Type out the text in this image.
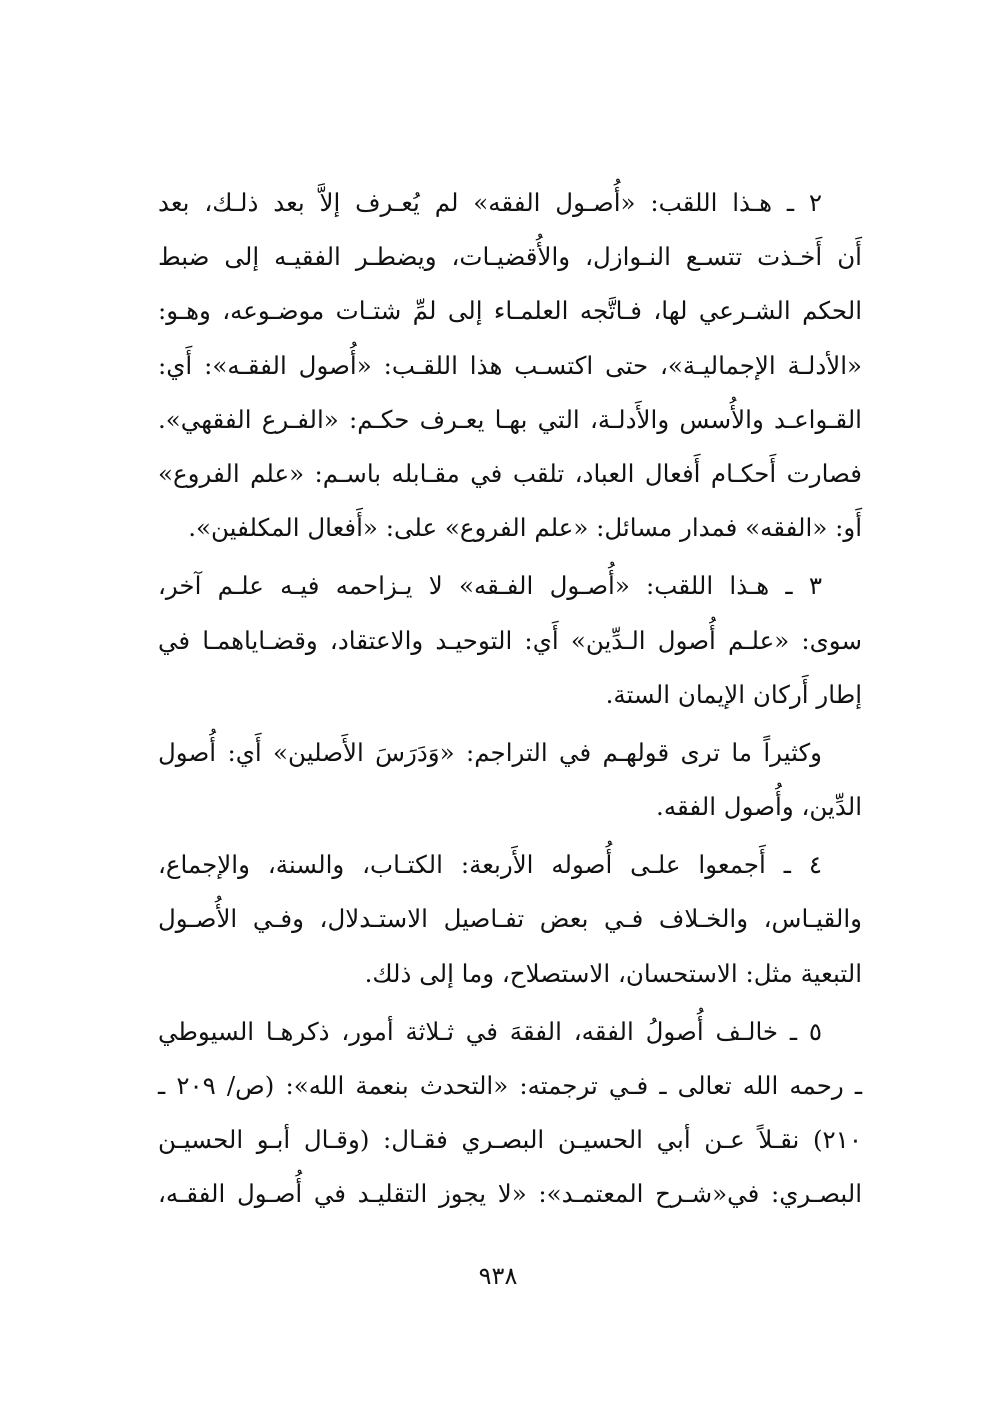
٢ ـ هـذا اللقب: «أُصـول الفقه» لم يُعـرف إلاَّ بعد ذلـك، بعد
أَن أَخـذت تتسـع النـوازل، والأُقضيـات، ويضطـر الفقيـه إلى ضبط
الحكم الشـرعي لها، فـاتَّجه العلمـاء إلى لمِّ شتـات موضـوعه، وهـو:
«الأدلـة الإجماليـة»، حتى اكتسـب هذا اللقـب: «أُصول الفقـه»: أَي:
القـواعـد والأُسس والأَدلـة، التي بهـا يعـرف حكـم: «الفـرع الفقهي».
فصارت أَحكـام أَفعال العباد، تلقب في مقـابله باسـم: «علم الفروع»
أَو: «الفقه» فمدار مسائل: «علم الفروع» على: «أَفعال المكلفين».

٣ ـ هـذا اللقب: «أُصـول الفـقه» لا يـزاحمه فيـه علـم آخر،
سوى: «علـم أُصول الـدِّين» أَي: التوحيـد والاعتقاد، وقضـاياهمـا في
إطار أَركان الإيمان الستة.

وكثيراً ما ترى قولهـم في التراجم: «وَدَرَسَ الأَصلين» أَي: أُصول
الدِّين، وأُصول الفقه.

٤ ـ أَجمعوا علـى أُصوله الأَربعة: الكتـاب، والسنة، والإجماع،
والقيـاس، والخـلاف فـي بعض تفـاصيل الاستـدلال، وفـي الأُصـول
التبعية مثل: الاستحسان، الاستصلاح، وما إلى ذلك.

٥ ـ خالـف أُصولُ الفقه، الفقهَ في ثـلاثة أمور، ذكرهـا السيوطي
ـ رحمه الله تعالى ـ فـي ترجمته: «التحدث بنعمة الله»: (ص/ ٢٠٩ ـ
٢١٠) نقـلاً عـن أبي الحسيـن البصـري فقـال: (وقـال أبـو الحسيـن
البصـري: في«شـرح المعتمـد»: «لا يجوز التقليـد في أُصـول الفقـه،

٩٣٨
